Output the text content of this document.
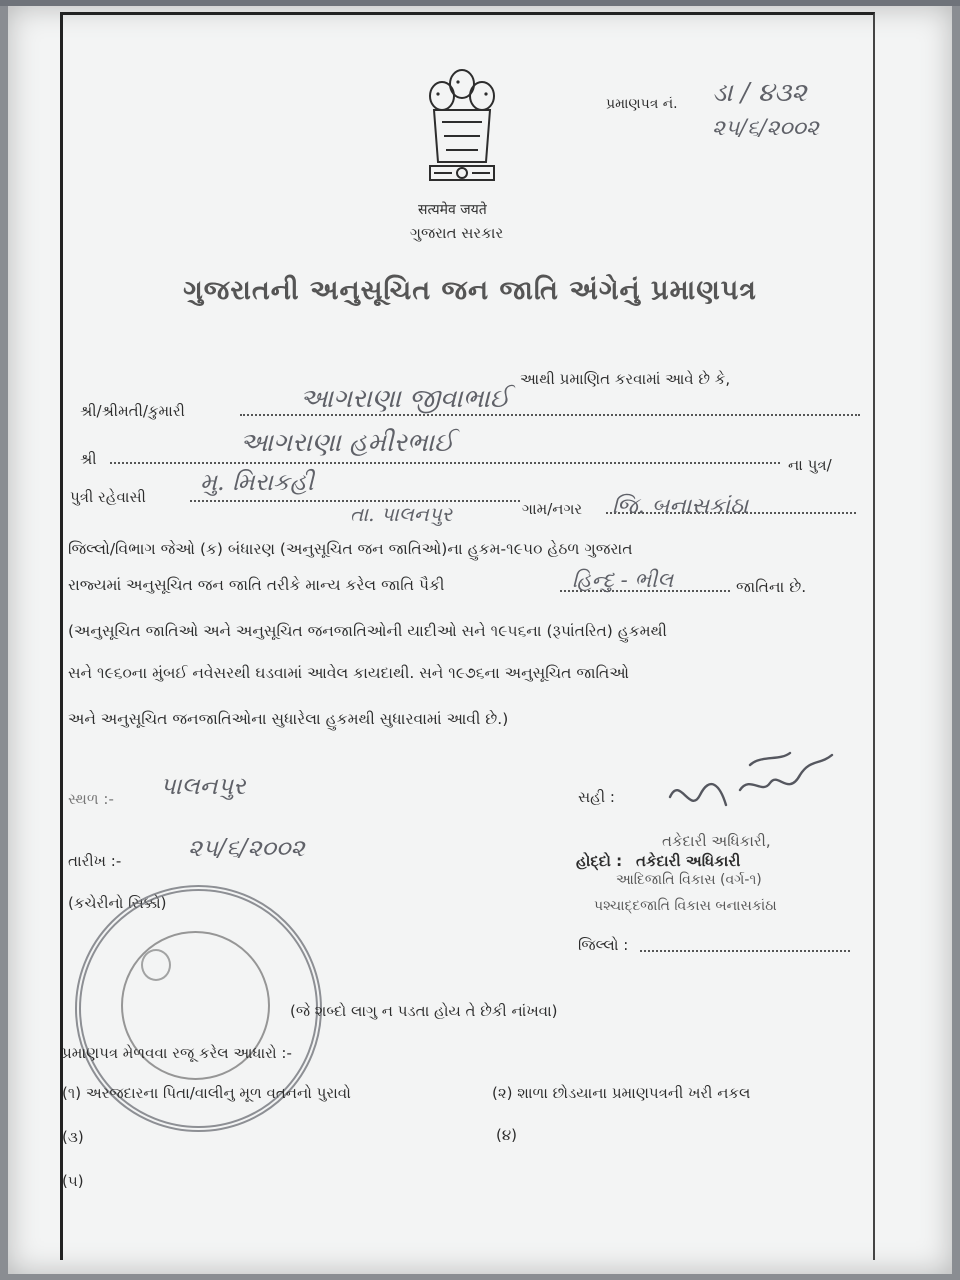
सत्यमेव जयते
ગુજરાત સરકાર
પ્રમાણપત્ર નં. ડા / ૪૩૨
૨૫/૬/૨૦૦૨
ગુજરાતની અનુસૂચિત જન જાતિ અંગેનું પ્રમાણપત્ર
આથી પ્રમાણિત કરવામાં આવે છે કે,
શ્રી/શ્રીમતી/કુમારી	આગરાણા જીવાભાઈ
શ્રી
આગરાણા હમીરભાઈ
ના પુત્ર/
પુત્રી રહેવાસી
મુ. મિરાકહી
તા. પાલનપુર	ગામ/નગર જિ. બનાસકાંઠા
જિલ્લો/વિભાગ જેઓ (ક) બંધારણ (અનુસૂચિત જન જાતિઓ)ના હુકમ-૧૯૫૦ હેઠળ ગુજરાત
રાજ્યમાં અનુસૂચિત જન જાતિ તરીકે માન્ય કરેલ જાતિ પૈકી	હિન્દુ - ભીલ	જાતિના છે.
(અનુસૂચિત જાતિઓ અને અનુસૂચિત જનજાતિઓની યાદીઓ સને ૧૯૫૬ના (રૂપાંતરિત) હુકમથી
સને ૧૯૬૦ના મુંબઈ નવેસરથી ઘડવામાં આવેલ કાયદાથી. સને ૧૯૭૬ના અનુસૂચિત જાતિઓ
અને અનુસૂચિત જનજાતિઓના સુધારેલા હુકમથી સુધારવામાં આવી છે.)
સ્થળ :- પાલનપુર	સહી :
તારીખ :-	૨૫/૬/૨૦૦૨	તકેદારી અધિકારી,
હોદ્દો : તકેદારી અધિકારી
આદિજાતિ વિકાસ (વર્ગ-૧)
(કચેરીનો સિક્કો)	પશ્ચાદ્દજાતિ વિકાસ બનાસકાંઠા
જિલ્લો :
(જે શબ્દો લાગુ ન પડતા હોય તે છેકી નાંખવા)
પ્રમાણપત્ર મેળવવા રજૂ કરેલ આધારો :-
(૧) અરજદારના પિતા/વાલીનુ મૂળ વતનનો પુરાવો	(૨) શાળા છોડયાના પ્રમાણપત્રની ખરી નકલ
(૩)	(૪)
(૫)
